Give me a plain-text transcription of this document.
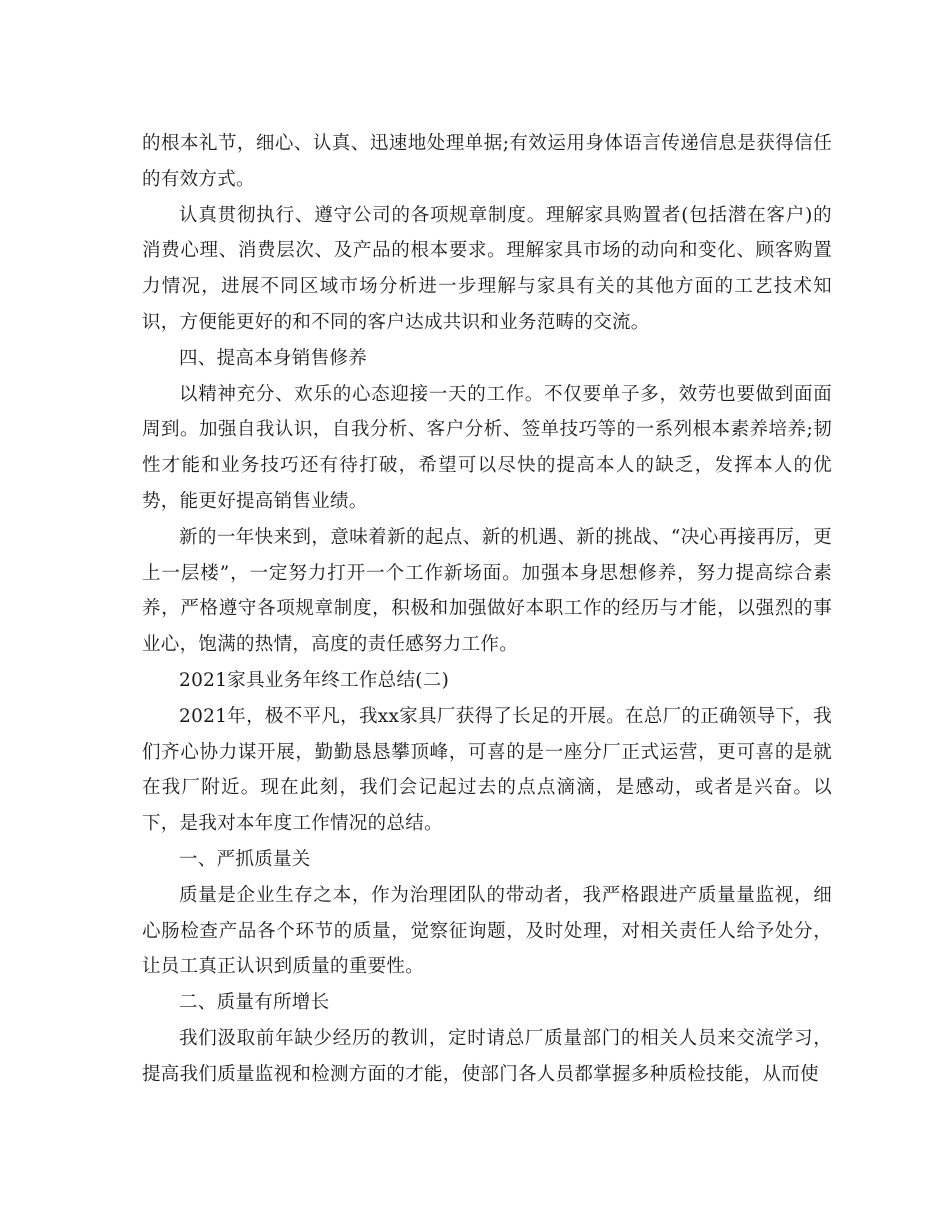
的根本礼节，细心、认真、迅速地处理单据;有效运用身体语言传递信息是获得信任的有效方式。

认真贯彻执行、遵守公司的各项规章制度。理解家具购置者(包括潜在客户)的消费心理、消费层次、及产品的根本要求。理解家具市场的动向和变化、顾客购置力情况，进展不同区域市场分析进一步理解与家具有关的其他方面的工艺技术知识，方便能更好的和不同的客户达成共识和业务范畴的交流。

四、提高本身销售修养

以精神充分、欢乐的心态迎接一天的工作。不仅要单子多，效劳也要做到面面周到。加强自我认识，自我分析、客户分析、签单技巧等的一系列根本素养培养;韧性才能和业务技巧还有待打破，希望可以尽快的提高本人的缺乏，发挥本人的优势，能更好提高销售业绩。

新的一年快来到，意味着新的起点、新的机遇、新的挑战、“决心再接再厉，更上一层楼”，一定努力打开一个工作新场面。加强本身思想修养，努力提高综合素养，严格遵守各项规章制度，积极和加强做好本职工作的经历与才能，以强烈的事业心，饱满的热情，高度的责任感努力工作。

2021家具业务年终工作总结(二)

2021年，极不平凡，我xx家具厂获得了长足的开展。在总厂的正确领导下，我们齐心协力谋开展，勤勤恳恳攀顶峰，可喜的是一座分厂正式运营，更可喜的是就在我厂附近。现在此刻，我们会记起过去的点点滴滴，是感动，或者是兴奋。以下，是我对本年度工作情况的总结。

一、严抓质量关

质量是企业生存之本，作为治理团队的带动者，我严格跟进产质量量监视，细心肠检查产品各个环节的质量，觉察征询题，及时处理，对相关责任人给予处分，让员工真正认识到质量的重要性。

二、质量有所增长

我们汲取前年缺少经历的教训，定时请总厂质量部门的相关人员来交流学习，提高我们质量监视和检测方面的才能，使部门各人员都掌握多种质检技能，从而使
